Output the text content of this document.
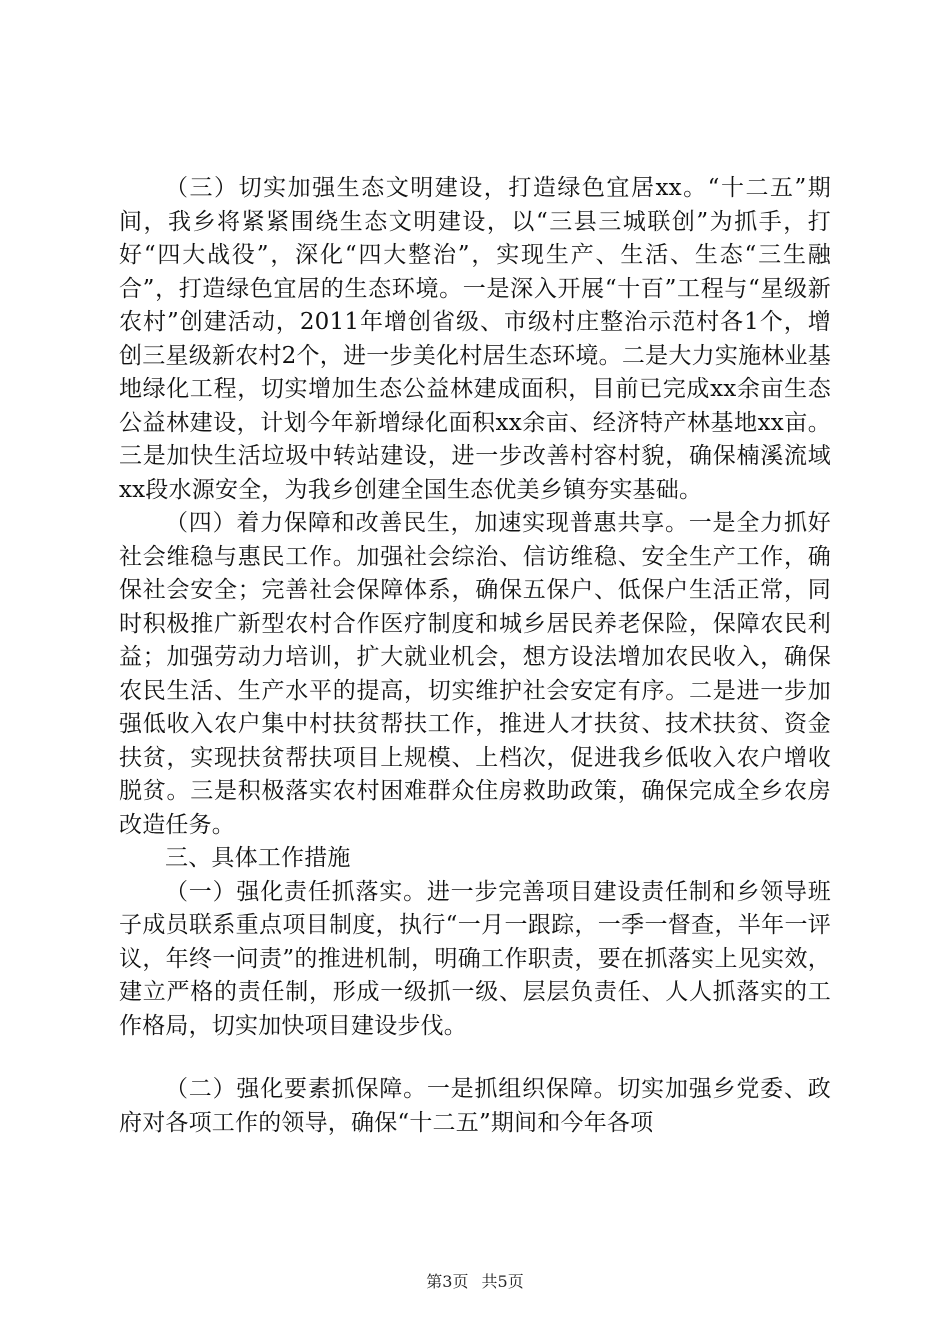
（三）切实加强生态文明建设，打造绿色宜居xx。“十二五”期间，我乡将紧紧围绕生态文明建设，以“三县三城联创”为抓手，打好“四大战役”，深化“四大整治”，实现生产、生活、生态“三生融合”，打造绿色宜居的生态环境。一是深入开展“十百”工程与“星级新农村”创建活动，2011年增创省级、市级村庄整治示范村各1个，增创三星级新农村2个，进一步美化村居生态环境。二是大力实施林业基地绿化工程，切实增加生态公益林建成面积，目前已完成xx余亩生态公益林建设，计划今年新增绿化面积xx余亩、经济特产林基地xx亩。三是加快生活垃圾中转站建设，进一步改善村容村貌，确保楠溪流域xx段水源安全，为我乡创建全国生态优美乡镇夯实基础。

（四）着力保障和改善民生，加速实现普惠共享。一是全力抓好社会维稳与惠民工作。加强社会综治、信访维稳、安全生产工作，确保社会安全；完善社会保障体系，确保五保户、低保户生活正常，同时积极推广新型农村合作医疗制度和城乡居民养老保险，保障农民利益；加强劳动力培训，扩大就业机会，想方设法增加农民收入，确保农民生活、生产水平的提高，切实维护社会安定有序。二是进一步加强低收入农户集中村扶贫帮扶工作，推进人才扶贫、技术扶贫、资金扶贫，实现扶贫帮扶项目上规模、上档次，促进我乡低收入农户增收脱贫。三是积极落实农村困难群众住房救助政策，确保完成全乡农房改造任务。

三、具体工作措施

（一）强化责任抓落实。进一步完善项目建设责任制和乡领导班子成员联系重点项目制度，执行“一月一跟踪，一季一督查，半年一评议，年终一问责”的推进机制，明确工作职责，要在抓落实上见实效，建立严格的责任制，形成一级抓一级、层层负责任、人人抓落实的工作格局，切实加快项目建设步伐。

（二）强化要素抓保障。一是抓组织保障。切实加强乡党委、政府对各项工作的领导，确保“十二五”期间和今年各项

第3页 共5页
